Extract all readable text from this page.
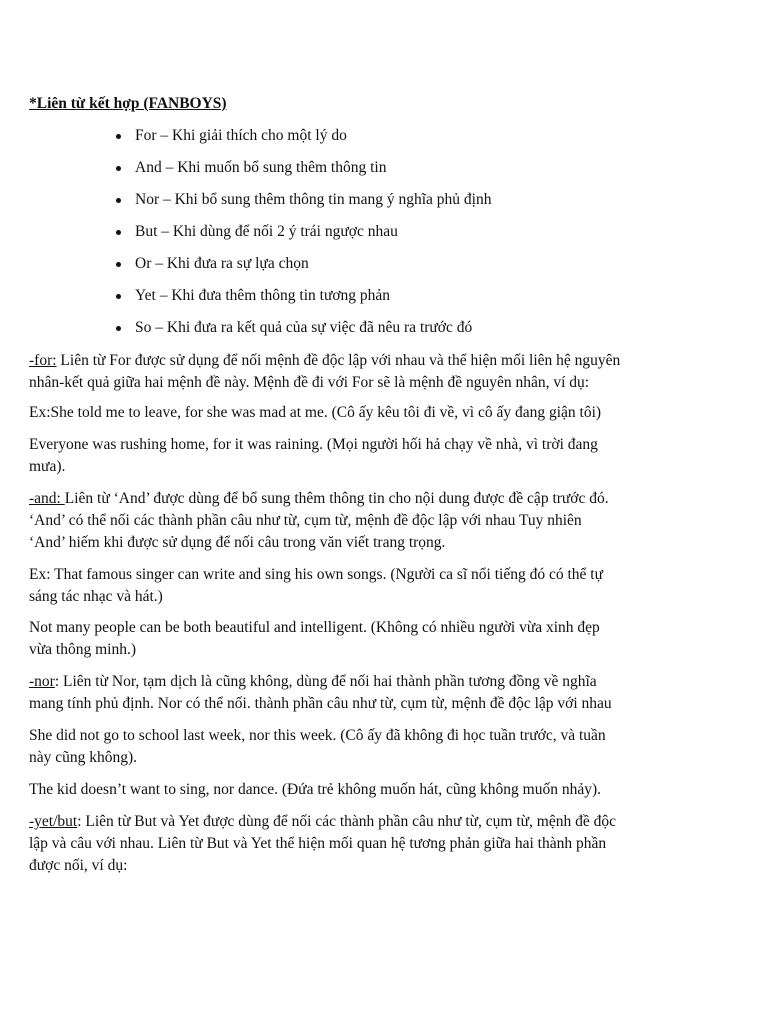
*Liên từ kết hợp (FANBOYS)

For – Khi giải thích cho một lý do
And – Khi muốn bổ sung thêm thông tin
Nor – Khi bổ sung thêm thông tin mang ý nghĩa phủ định
But – Khi dùng để nối 2 ý trái ngược nhau
Or – Khi đưa ra sự lựa chọn
Yet – Khi đưa thêm thông tin tương phản
So – Khi đưa ra kết quả của sự việc đã nêu ra trước đó

-for: Liên từ For được sử dụng để nối mệnh đề độc lập với nhau và thể hiện mối liên hệ nguyên
nhân-kết quả giữa hai mệnh đề này. Mệnh đề đi với For sẽ là mệnh đề nguyên nhân, ví dụ:

Ex:She told me to leave, for she was mad at me. (Cô ấy kêu tôi đi về, vì cô ấy đang giận tôi)

Everyone was rushing home, for it was raining. (Mọi người hối hả chạy về nhà, vì trời đang
mưa).

-and: Liên từ ‘And’ được dùng để bổ sung thêm thông tin cho nội dung được đề cập trước đó.
‘And’ có thể nối các thành phần câu như từ, cụm từ, mệnh đề độc lập với nhau Tuy nhiên
‘And’ hiếm khi được sử dụng để nối câu trong văn viết trang trọng.

Ex: That famous singer can write and sing his own songs. (Người ca sĩ nổi tiếng đó có thể tự
sáng tác nhạc và hát.)

Not many people can be both beautiful and intelligent. (Không có nhiều người vừa xinh đẹp
vừa thông minh.)

-nor: Liên từ Nor, tạm dịch là cũng không, dùng để nối hai thành phần tương đồng về nghĩa
mang tính phủ định. Nor có thể nối. thành phần câu như từ, cụm từ, mệnh đề độc lập với nhau

She did not go to school last week, nor this week. (Cô ấy đã không đi học tuần trước, và tuần
này cũng không).

The kid doesn’t want to sing, nor dance. (Đứa trẻ không muốn hát, cũng không muốn nhảy).

-yet/but: Liên từ But và Yet được dùng để nối các thành phần câu như từ, cụm từ, mệnh đề độc
lập và câu với nhau. Liên từ But và Yet thể hiện mối quan hệ tương phản giữa hai thành phần
được nối, ví dụ:
